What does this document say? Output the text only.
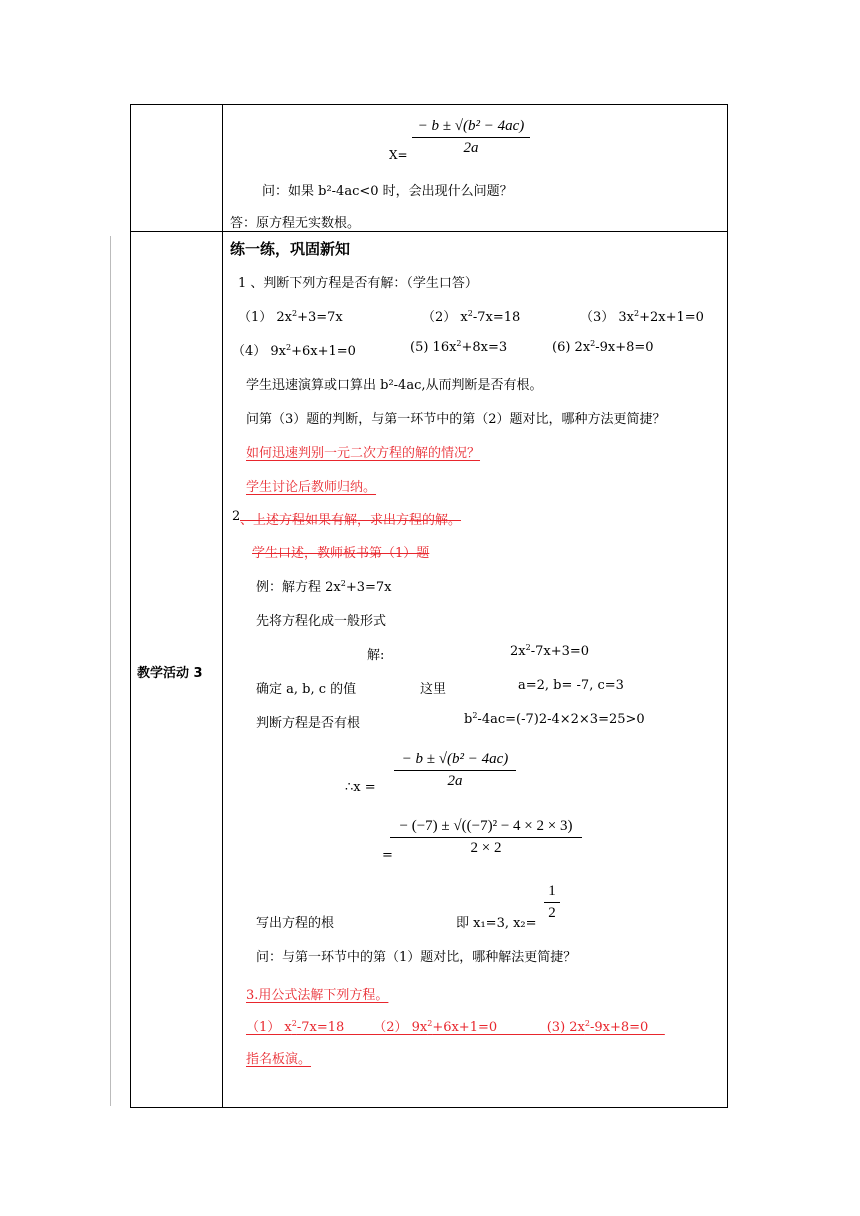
X=
− b ± √(b² − 4ac)
2a
问：如果 b²-4ac<0 时，会出现什么问题？
答：原方程无实数根。
教学活动 3
练一练，巩固新知
1 、判断下列方程是否有解：（学生口答）
（1） $2x^2+3=7x$	（2） $x^2-7x=18$	（3） $3x^2+2x+1=0$
（4） $9x^2+6x+1=0$	(5) $16x^2+8x=3$	(6) $2x^2-9x+8=0$
学生迅速演算或口算出 b²-4ac,从而判断是否有根。
问第（3）题的判断，与第一环节中的第（2）题对比，哪种方法更简捷？
如何迅速判别一元二次方程的解的情况？
学生讨论后教师归纳。
2 、上述方程如果有解，求出方程的解。
学生口述，教师板书第（1）题
例：解方程 $2x^2+3=7x$
先将方程化成一般形式
解:	$2x^2-7x+3=0$
确定 a, b, c 的值	这里	a=2, b= -7, c=3
判断方程是否有根	$b^2-4ac=(-7)2-4\times 2\times 3=25>0$
∴x =
− b ± √(b² − 4ac)
2a
=
− (−7) ± √((−7)² − 4 × 2 × 3)
2 × 2
写出方程的根	即 x₁=3, x₂=
1
2
问：与第一环节中的第（1）题对比，哪种解法更简捷？
3.用公式法解下列方程。
（1） $x^2-7x=18$       （2） $9x^2+6x+1=0$            (3) $2x^2-9x+8=0$
指名板演。
